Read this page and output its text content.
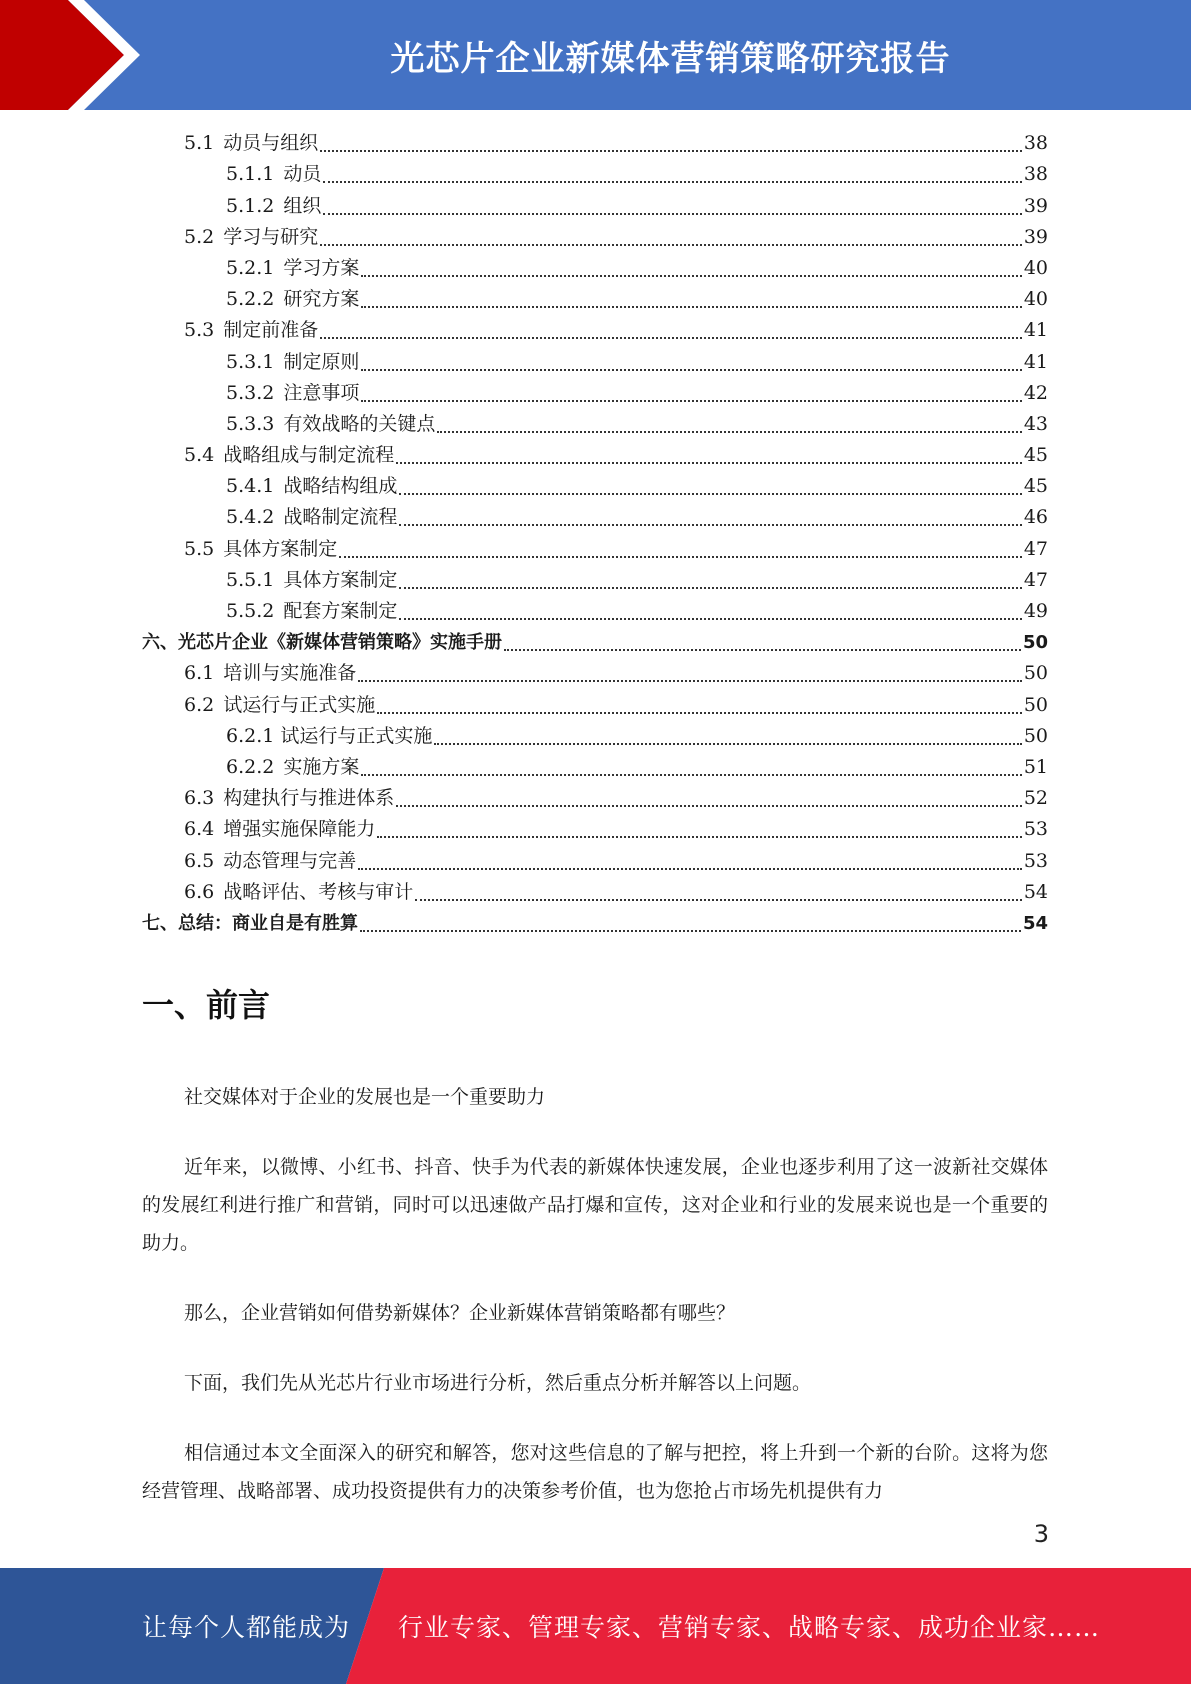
光芯片企业新媒体营销策略研究报告
5.1 动员与组织	38
5.1.1 动员	38
5.1.2 组织	39
5.2 学习与研究	39
5.2.1 学习方案	40
5.2.2 研究方案	40
5.3 制定前准备	41
5.3.1 制定原则	41
5.3.2 注意事项	42
5.3.3 有效战略的关键点	43
5.4 战略组成与制定流程	45
5.4.1 战略结构组成	45
5.4.2 战略制定流程	46
5.5 具体方案制定	47
5.5.1 具体方案制定	47
5.5.2 配套方案制定	49
六、光芯片企业《新媒体营销策略》实施手册	50
6.1 培训与实施准备	50
6.2 试运行与正式实施	50
6.2.1 试运行与正式实施	50
6.2.2 实施方案	51
6.3 构建执行与推进体系	52
6.4 增强实施保障能力	53
6.5 动态管理与完善	53
6.6 战略评估、考核与审计	54
七、总结：商业自是有胜算	54
一、前言

社交媒体对于企业的发展也是一个重要助力

近年来，以微博、小红书、抖音、快手为代表的新媒体快速发展，企业也逐步利用了这一波新社交媒体的发展红利进行推广和营销，同时可以迅速做产品打爆和宣传，这对企业和行业的发展来说也是一个重要的助力。

那么，企业营销如何借势新媒体？企业新媒体营销策略都有哪些？

下面，我们先从光芯片行业市场进行分析，然后重点分析并解答以上问题。

相信通过本文全面深入的研究和解答，您对这些信息的了解与把控，将上升到一个新的台阶。这将为您经营管理、战略部署、成功投资提供有力的决策参考价值，也为您抢占市场先机提供有力

3
让每个人都能成为 行业专家、管理专家、营销专家、战略专家、成功企业家……
